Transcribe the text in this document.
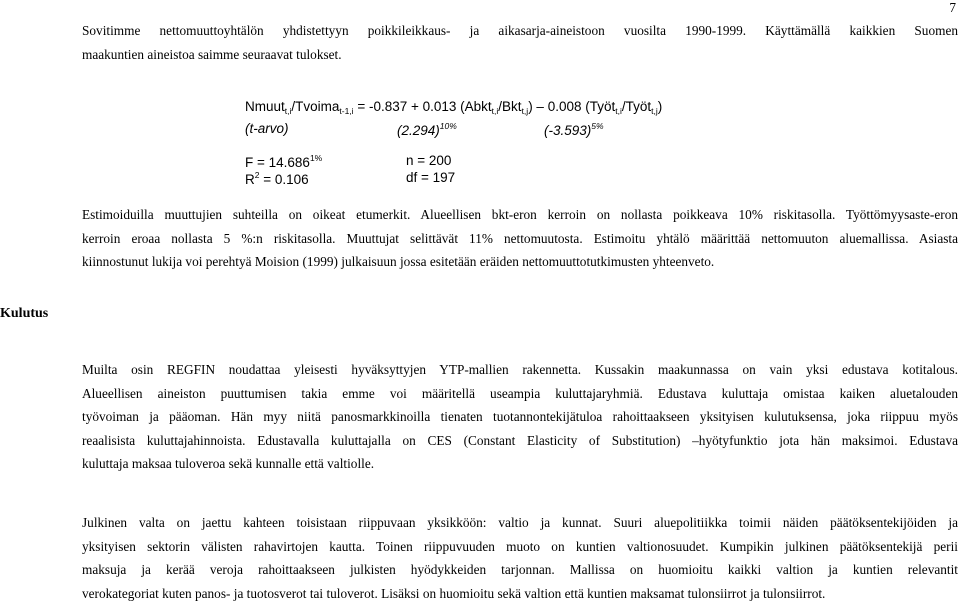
7
Sovitimme nettomuuttoyhtälön yhdistettyyn poikkileikkaus- ja aikasarja-aineistoon vuosilta 1990-1999. Käyttämällä kaikkien Suomen
maakuntien aineistoa saimme seuraavat tulokset.
Nmuut$_{t,i}$/Tvoima$_{t-1,i}$ = -0.837 + 0.013 (Abkt$_{t,i}$/Bkt$_{t,j}$) – 0.008 (Työt$_{t,i}$/Työt$_{t,j}$)
(t-arvo)	$(2.294)^{10\%}$	$(-3.593)^{5\%}$
$F = 14.686^{1\%}$
$R^2 = 0.106$
n = 200
df = 197
Estimoiduilla muuttujien suhteilla on oikeat etumerkit. Alueellisen bkt-eron kerroin on nollasta poikkeava 10% riskitasolla. Työttömyysaste-eron
kerroin eroaa nollasta 5 %:n riskitasolla. Muuttujat selittävät 11% nettomuutosta. Estimoitu yhtälö määrittää nettomuuton aluemallissa. Asiasta
kiinnostunut lukija voi perehtyä Moision (1999) julkaisuun jossa esitetään eräiden nettomuuttotutkimusten yhteenveto.
Kulutus
Muilta osin REGFIN noudattaa yleisesti hyväksyttyjen YTP-mallien rakennetta. Kussakin maakunnassa on vain yksi edustava kotitalous.
Alueellisen aineiston puuttumisen takia emme voi määritellä useampia kuluttajaryhmiä. Edustava kuluttaja omistaa kaiken aluetalouden
työvoiman ja pääoman. Hän myy niitä panosmarkkinoilla tienaten tuotannontekijätuloa rahoittaakseen yksityisen kulutuksensa, joka riippuu myös
reaalisista kuluttajahinnoista. Edustavalla kuluttajalla on CES (Constant Elasticity of Substitution) –hyötyfunktio jota hän maksimoi. Edustava
kuluttaja maksaa tuloveroa sekä kunnalle että valtiolle.
Julkinen valta on jaettu kahteen toisistaan riippuvaan yksikköön: valtio ja kunnat. Suuri aluepolitiikka toimii näiden päätöksentekijöiden ja
yksityisen sektorin välisten rahavirtojen kautta. Toinen riippuvuuden muoto on kuntien valtionosuudet. Kumpikin julkinen päätöksentekijä perii
maksuja ja kerää veroja rahoittaakseen julkisten hyödykkeiden tarjonnan. Mallissa on huomioitu kaikki valtion ja kuntien relevantit
verokategoriat kuten panos- ja tuotosverot tai tuloverot. Lisäksi on huomioitu sekä valtion että kuntien maksamat tulonsiirrot ja tulonsiirrot.
